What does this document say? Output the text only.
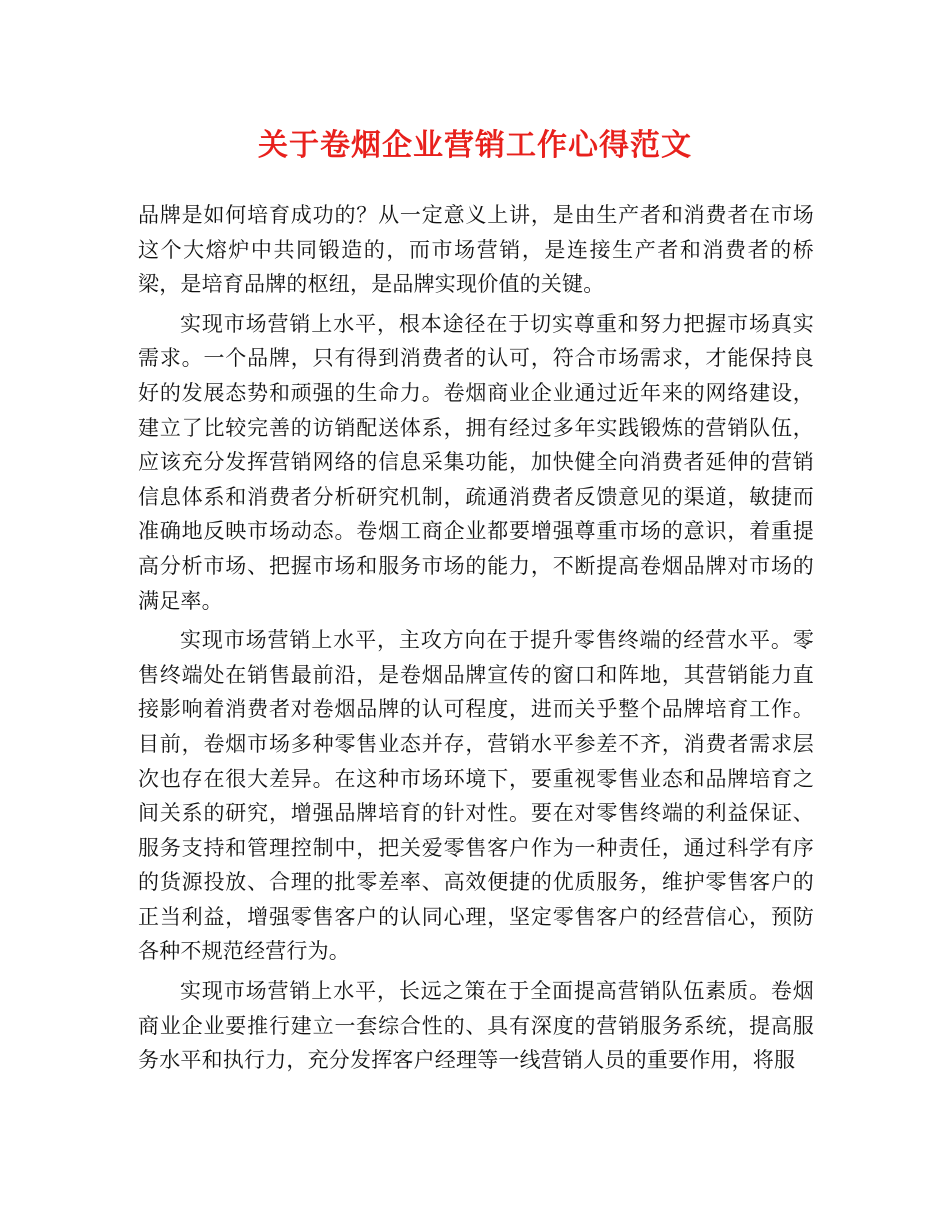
关于卷烟企业营销工作心得范文

品牌是如何培育成功的？从一定意义上讲，是由生产者和消费者在市场这个大熔炉中共同锻造的，而市场营销，是连接生产者和消费者的桥梁，是培育品牌的枢纽，是品牌实现价值的关键。

实现市场营销上水平，根本途径在于切实尊重和努力把握市场真实需求。一个品牌，只有得到消费者的认可，符合市场需求，才能保持良好的发展态势和顽强的生命力。卷烟商业企业通过近年来的网络建设，建立了比较完善的访销配送体系，拥有经过多年实践锻炼的营销队伍，应该充分发挥营销网络的信息采集功能，加快健全向消费者延伸的营销信息体系和消费者分析研究机制，疏通消费者反馈意见的渠道，敏捷而准确地反映市场动态。卷烟工商企业都要增强尊重市场的意识，着重提高分析市场、把握市场和服务市场的能力，不断提高卷烟品牌对市场的满足率。

实现市场营销上水平，主攻方向在于提升零售终端的经营水平。零售终端处在销售最前沿，是卷烟品牌宣传的窗口和阵地，其营销能力直接影响着消费者对卷烟品牌的认可程度，进而关乎整个品牌培育工作。目前，卷烟市场多种零售业态并存，营销水平参差不齐，消费者需求层次也存在很大差异。在这种市场环境下，要重视零售业态和品牌培育之间关系的研究，增强品牌培育的针对性。要在对零售终端的利益保证、服务支持和管理控制中，把关爱零售客户作为一种责任，通过科学有序的货源投放、合理的批零差率、高效便捷的优质服务，维护零售客户的正当利益，增强零售客户的认同心理，坚定零售客户的经营信心，预防各种不规范经营行为。

实现市场营销上水平，长远之策在于全面提高营销队伍素质。卷烟商业企业要推行建立一套综合性的、具有深度的营销服务系统，提高服务水平和执行力，充分发挥客户经理等一线营销人员的重要作用，将服
